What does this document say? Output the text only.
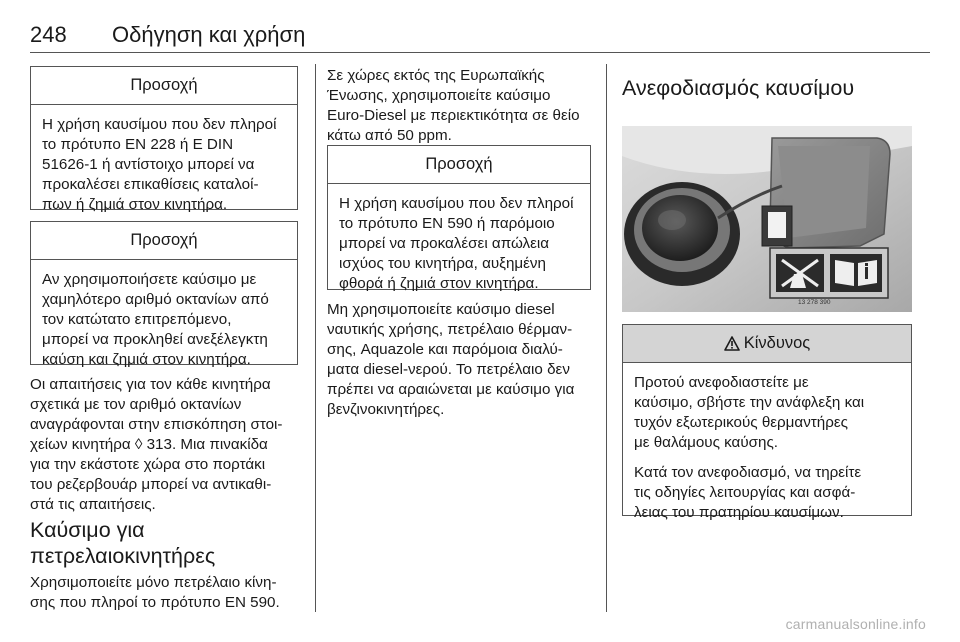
248	Οδήγηση και χρήση
Προσοχή
Η χρήση καυσίμου που δεν πληροί
το πρότυπο EN 228 ή E DIN
51626-1 ή αντίστοιχο μπορεί να
προκαλέσει επικαθίσεις καταλοί-
πων ή ζημιά στον κινητήρα.
Προσοχή
Αν χρησιμοποιήσετε καύσιμο με
χαμηλότερο αριθμό οκτανίων από
τον κατώτατο επιτρεπόμενο,
μπορεί να προκληθεί ανεξέλεγκτη
καύση και ζημιά στον κινητήρα.
Οι απαιτήσεις για τον κάθε κινητήρα
σχετικά με τον αριθμό οκτανίων
αναγράφονται στην επισκόπηση στοι-
χείων κινητήρα ◊ 313. Μια πινακίδα
για την εκάστοτε χώρα στο πορτάκι
του ρεζερβουάρ μπορεί να αντικαθι-
στά τις απαιτήσεις.
Καύσιμο για
πετρελαιοκινητήρες
Χρησιμοποιείτε μόνο πετρέλαιο κίνη-
σης που πληροί το πρότυπο EN 590.
Σε χώρες εκτός της Ευρωπαϊκής
Ένωσης, χρησιμοποιείτε καύσιμο
Euro-Diesel με περιεκτικότητα σε θείο
κάτω από 50 ppm.
Προσοχή
Η χρήση καυσίμου που δεν πληροί
το πρότυπο EN 590 ή παρόμοιο
μπορεί να προκαλέσει απώλεια
ισχύος του κινητήρα, αυξημένη
φθορά ή ζημιά στον κινητήρα.
Μη χρησιμοποιείτε καύσιμο diesel
ναυτικής χρήσης, πετρέλαιο θέρμαν-
σης, Aquazole και παρόμοια διαλύ-
ματα diesel-νερού. Το πετρέλαιο δεν
πρέπει να αραιώνεται με καύσιμο για
βενζινοκινητήρες.
Ανεφοδιασμός καυσίμου
13 278 390
Κίνδυνος

Προτού ανεφοδιαστείτε με
καύσιμο, σβήστε την ανάφλεξη και
τυχόν εξωτερικούς θερμαντήρες
με θαλάμους καύσης.

Κατά τον ανεφοδιασμό, να τηρείτε
τις οδηγίες λειτουργίας και ασφά-
λειας του πρατηρίου καυσίμων.

carmanualsonline.info
